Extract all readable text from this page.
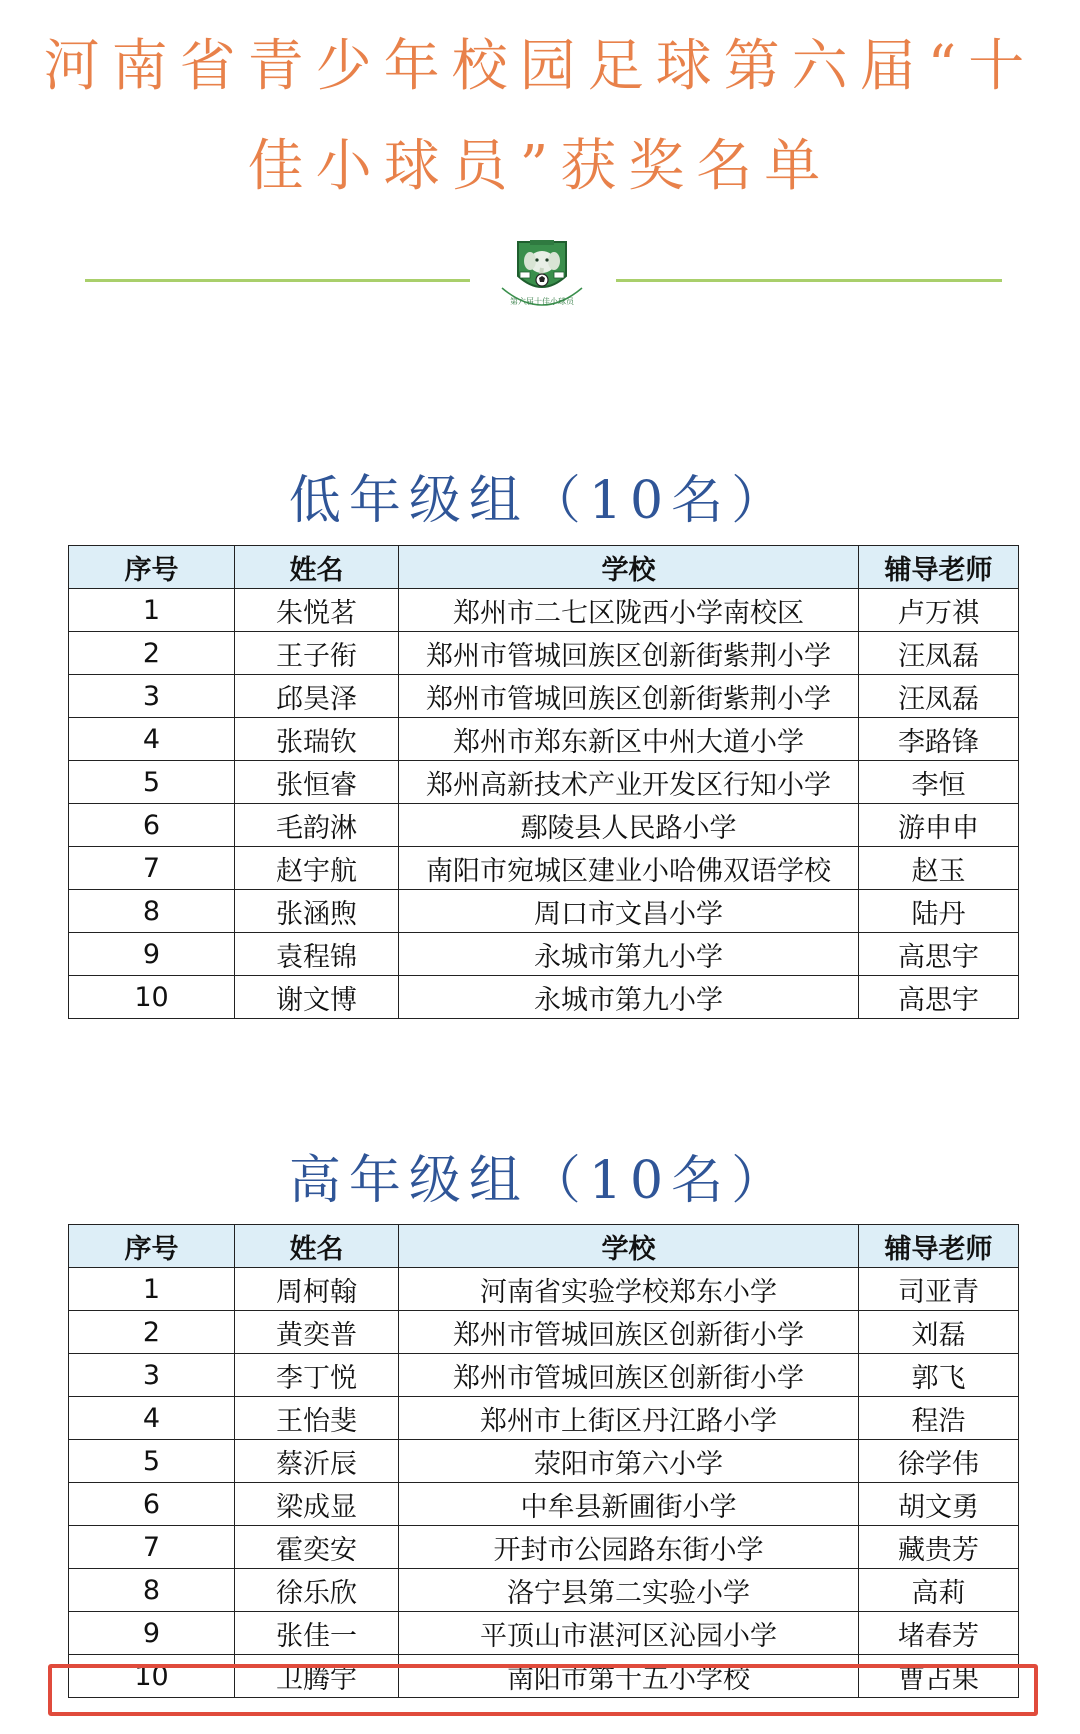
河南省青少年校园足球第六届“十
佳小球员”获奖名单
第六届十佳小球员
低年级组（10名）
序号	姓名	学校	辅导老师
1	朱悦茗	郑州市二七区陇西小学南校区	卢万祺
2	王子衔	郑州市管城回族区创新街紫荆小学	汪凤磊
3	邱昊泽	郑州市管城回族区创新街紫荆小学	汪凤磊
4	张瑞钦	郑州市郑东新区中州大道小学	李路锋
5	张恒睿	郑州高新技术产业开发区行知小学	李恒
6	毛韵淋	鄢陵县人民路小学	游申申
7	赵宇航	南阳市宛城区建业小哈佛双语学校	赵玉
8	张涵煦	周口市文昌小学	陆丹
9	袁程锦	永城市第九小学	高思宇
10	谢文博	永城市第九小学	高思宇
高年级组（10名）
序号	姓名	学校	辅导老师
1	周柯翰	河南省实验学校郑东小学	司亚青
2	黄奕普	郑州市管城回族区创新街小学	刘磊
3	李丁悦	郑州市管城回族区创新街小学	郭飞
4	王怡斐	郑州市上街区丹江路小学	程浩
5	蔡沂辰	荥阳市第六小学	徐学伟
6	梁成显	中牟县新圃街小学	胡文勇
7	霍奕安	开封市公园路东街小学	藏贵芳
8	徐乐欣	洛宁县第二实验小学	高莉
9	张佳一	平顶山市湛河区沁园小学	堵春芳
10	卫腾宇	南阳市第十五小学校	曹占果
